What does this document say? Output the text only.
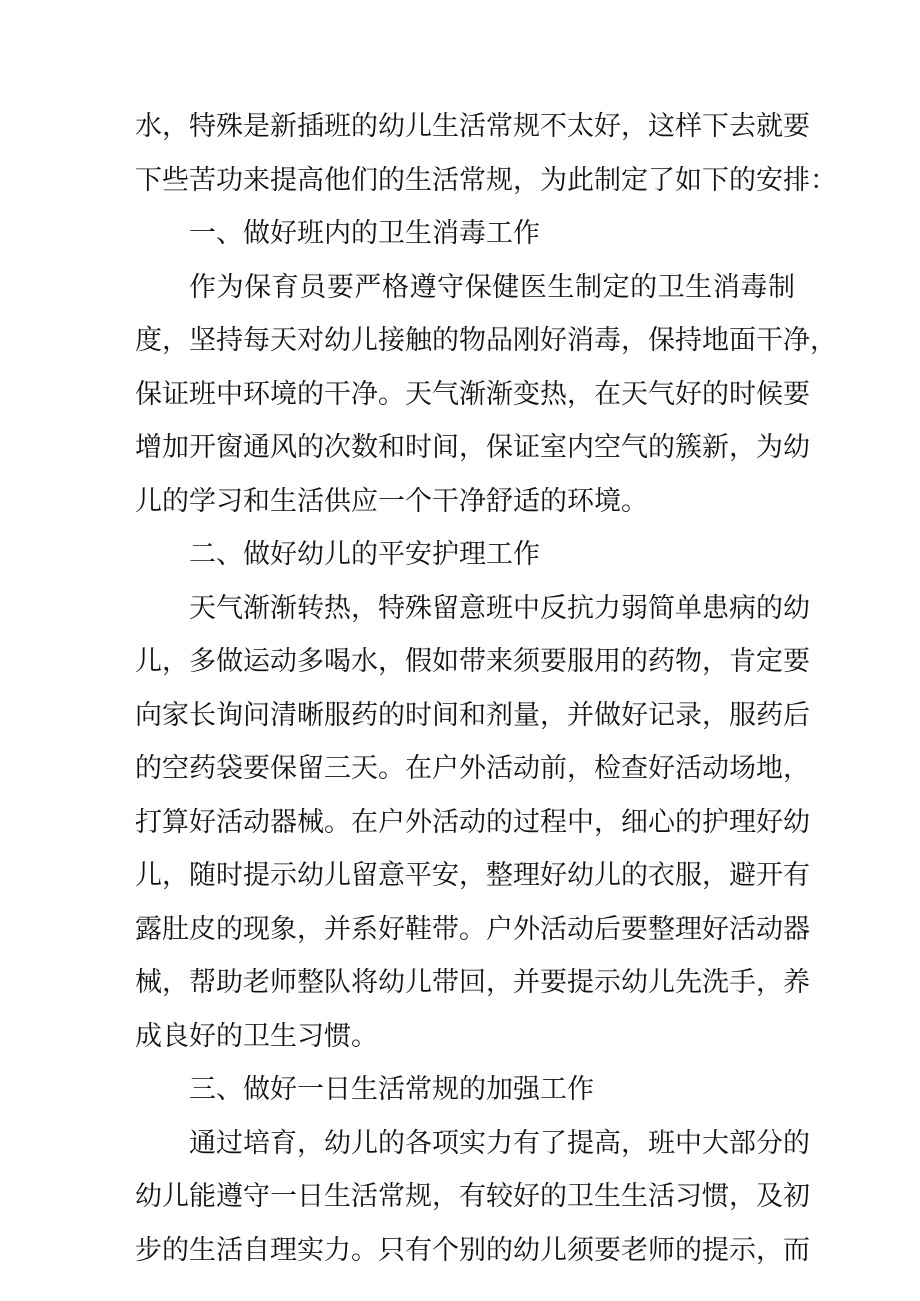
水，特殊是新插班的幼儿生活常规不太好，这样下去就要
下些苦功来提高他们的生活常规，为此制定了如下的安排：
一、做好班内的卫生消毒工作
作为保育员要严格遵守保健医生制定的卫生消毒制
度，坚持每天对幼儿接触的物品刚好消毒，保持地面干净，
保证班中环境的干净。天气渐渐变热，在天气好的时候要
增加开窗通风的次数和时间，保证室内空气的簇新，为幼
儿的学习和生活供应一个干净舒适的环境。
二、做好幼儿的平安护理工作
天气渐渐转热，特殊留意班中反抗力弱简单患病的幼
儿，多做运动多喝水，假如带来须要服用的药物，肯定要
向家长询问清晰服药的时间和剂量，并做好记录，服药后
的空药袋要保留三天。在户外活动前，检查好活动场地，
打算好活动器械。在户外活动的过程中，细心的护理好幼
儿，随时提示幼儿留意平安，整理好幼儿的衣服，避开有
露肚皮的现象，并系好鞋带。户外活动后要整理好活动器
械，帮助老师整队将幼儿带回，并要提示幼儿先洗手，养
成良好的卫生习惯。
三、做好一日生活常规的加强工作
通过培育，幼儿的各项实力有了提高，班中大部分的
幼儿能遵守一日生活常规，有较好的卫生生活习惯，及初
步的生活自理实力。只有个别的幼儿须要老师的提示，而
